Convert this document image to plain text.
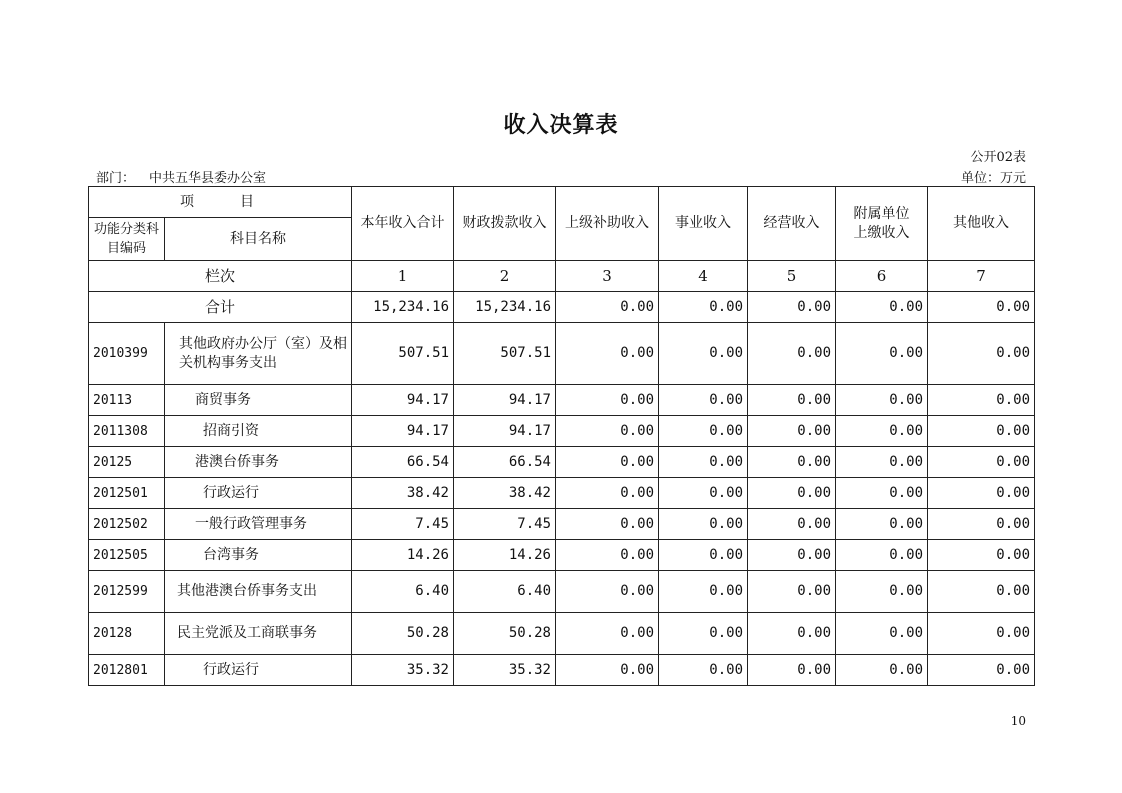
收入决算表
公开02表
部门： 中共五华县委办公室	单位：万元
项　　目		本年收入合计	财政拨款收入	上级补助收入	事业收入	经营收入	附属单位上缴收入	其他收入
功能分类科目编码	科目名称							
栏次		1	2	3	4	5	6	7
合计		15,234.16	15,234.16	0.00	0.00	0.00	0.00	0.00
2010399	其他政府办公厅（室）及相关机构事务支出	507.51	507.51	0.00	0.00	0.00	0.00	0.00
20113	商贸事务	94.17	94.17	0.00	0.00	0.00	0.00	0.00
2011308	招商引资	94.17	94.17	0.00	0.00	0.00	0.00	0.00
20125	港澳台侨事务	66.54	66.54	0.00	0.00	0.00	0.00	0.00
2012501	行政运行	38.42	38.42	0.00	0.00	0.00	0.00	0.00
2012502	一般行政管理事务	7.45	7.45	0.00	0.00	0.00	0.00	0.00
2012505	台湾事务	14.26	14.26	0.00	0.00	0.00	0.00	0.00
2012599	其他港澳台侨事务支出	6.40	6.40	0.00	0.00	0.00	0.00	0.00
20128	民主党派及工商联事务	50.28	50.28	0.00	0.00	0.00	0.00	0.00
2012801	行政运行	35.32	35.32	0.00	0.00	0.00	0.00	0.00
10
